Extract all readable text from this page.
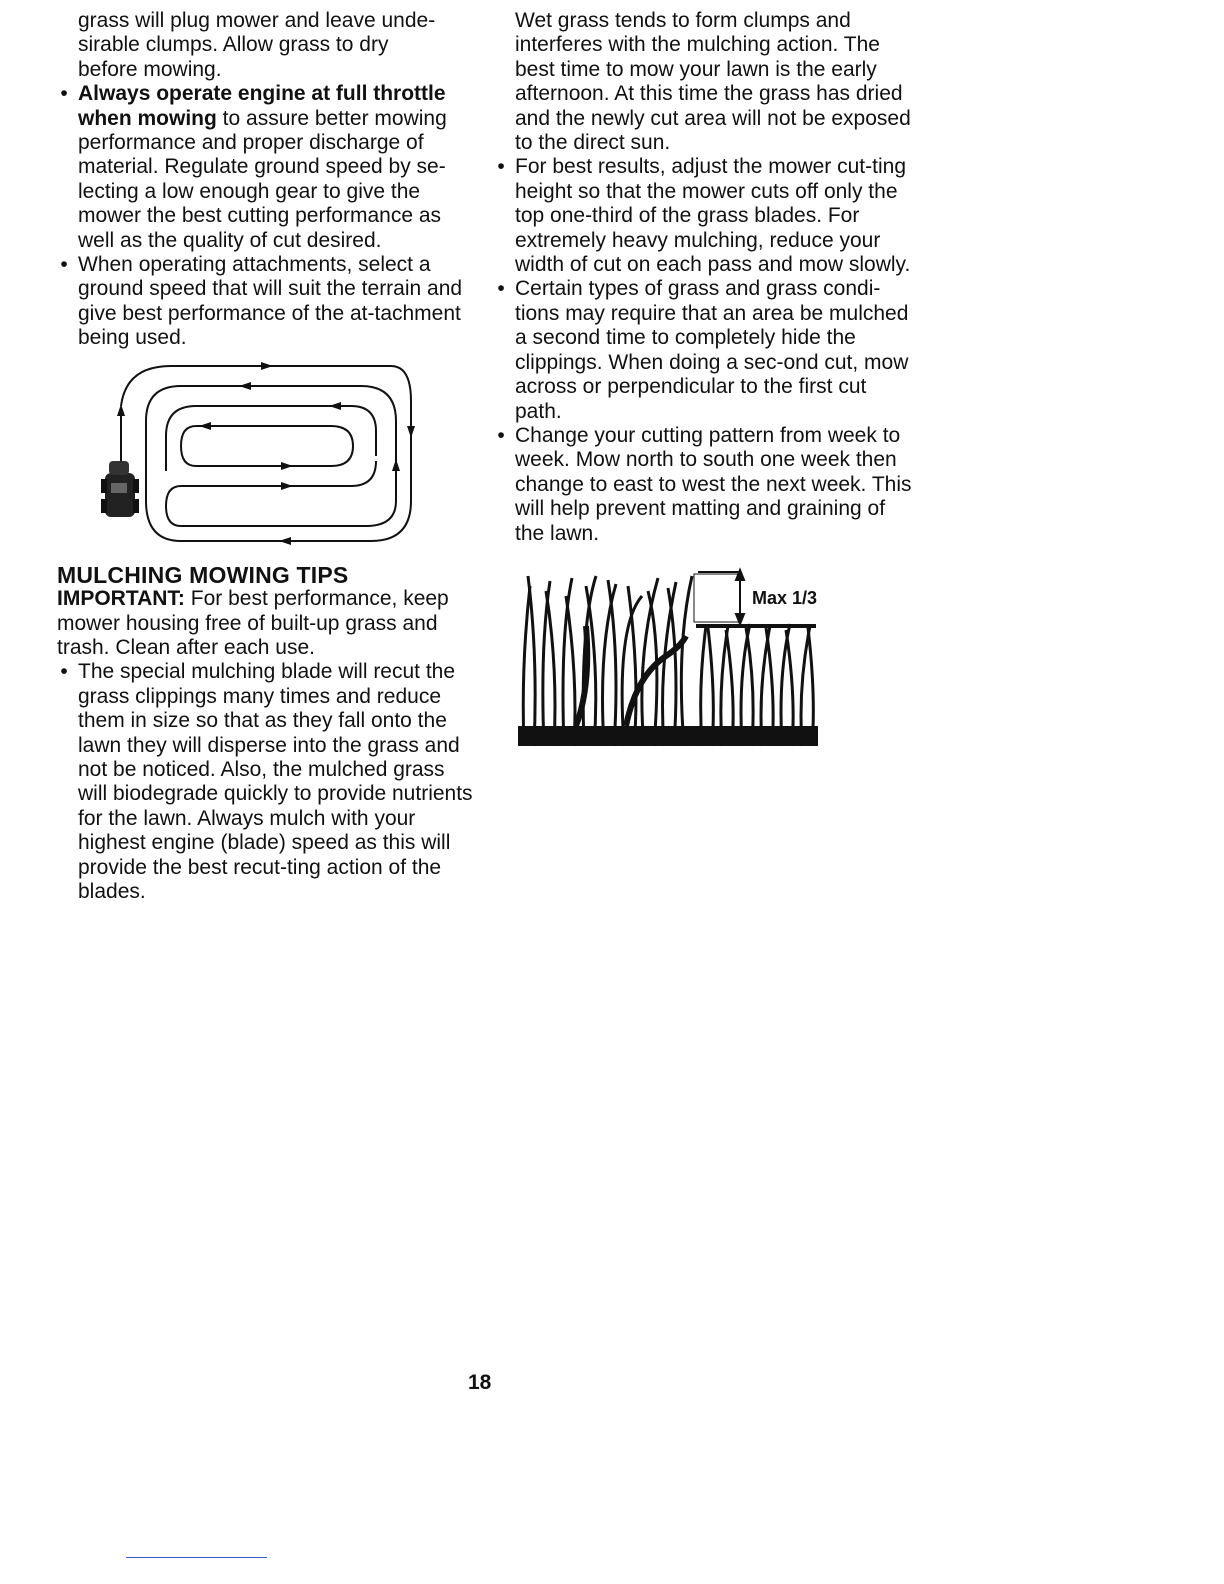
grass will plug mower and leave unde-
sirable clumps. Allow grass to dry
before mowing.
• Always operate engine at full throttle when mowing to assure better mowing performance and proper discharge of material. Regulate ground speed by se-lecting a low enough gear to give the mower the best cutting performance as well as the quality of cut desired.
• When operating attachments, select a ground speed that will suit the terrain and give best performance of the at-tachment being used.
MULCHING MOWING TIPS

IMPORTANT: For best performance, keep mower housing free of built-up grass and trash. Clean after each use.

• The special mulching blade will recut the grass clippings many times and reduce them in size so that as they fall onto the lawn they will disperse into the grass and not be noticed. Also, the mulched grass will biodegrade quickly to provide nutrients for the lawn. Always mulch with your highest engine (blade) speed as this will provide the best recut-ting action of the blades.
Wet grass tends to form clumps and interferes with the mulching action. The best time to mow your lawn is the early afternoon. At this time the grass has dried and the newly cut area will not be exposed to the direct sun.
• For best results, adjust the mower cut-ting height so that the mower cuts off only the top one-third of the grass blades. For extremely heavy mulching, reduce your width of cut on each pass and mow slowly.
• Certain types of grass and grass condi-tions may require that an area be mulched a second time to completely hide the clippings. When doing a sec-ond cut, mow across or perpendicular to the first cut path.
• Change your cutting pattern from week to week. Mow north to south one week then change to east to west the next week. This will help prevent matting and graining of the lawn.
Max 1/3
18
